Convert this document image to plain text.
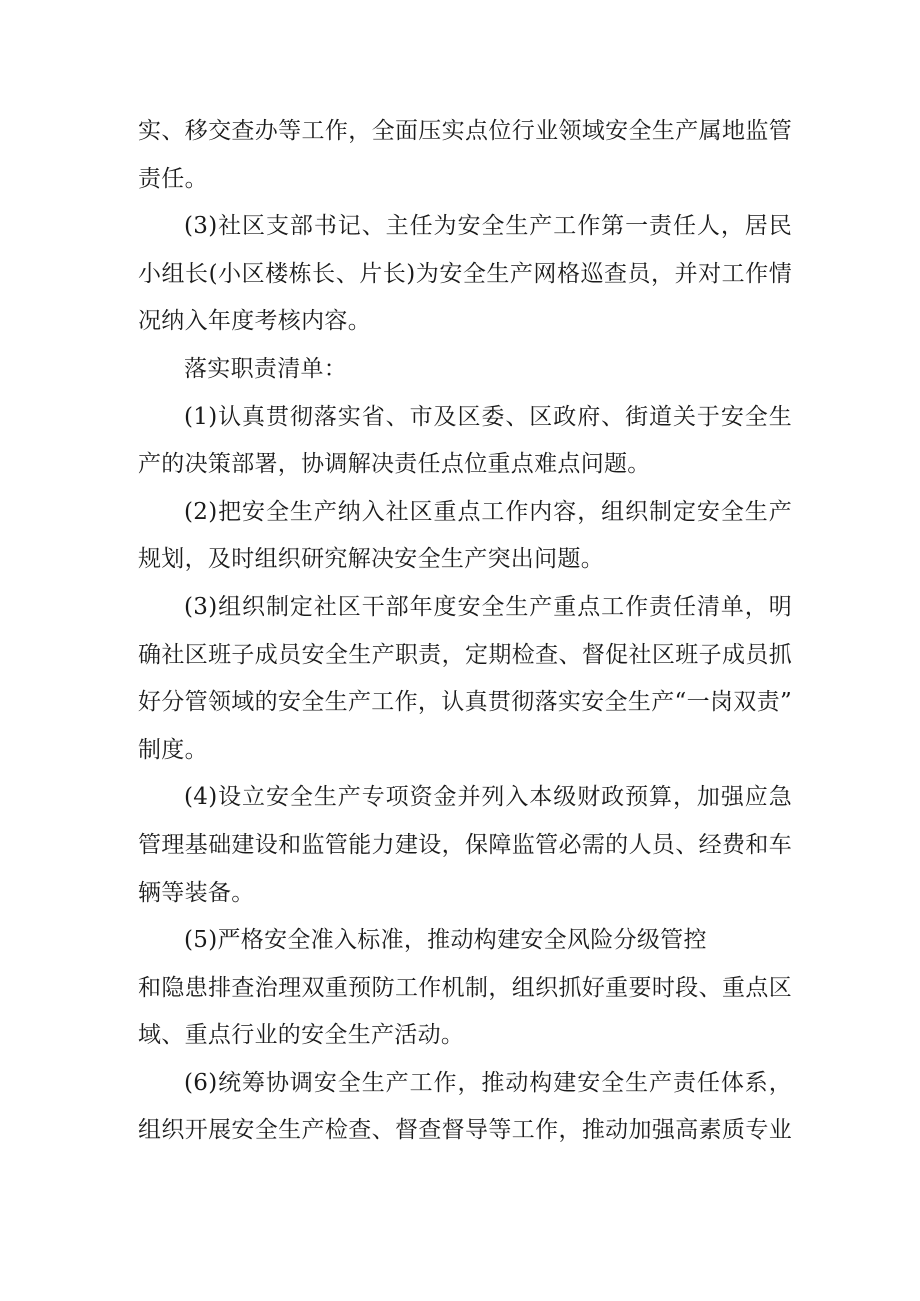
实、移交查办等工作，全面压实点位行业领域安全生产属地监管
责任。
(3)社区支部书记、主任为安全生产工作第一责任人，居民
小组长(小区楼栋长、片长)为安全生产网格巡查员，并对工作情
况纳入年度考核内容。
落实职责清单：
(1)认真贯彻落实省、市及区委、区政府、街道关于安全生
产的决策部署，协调解决责任点位重点难点问题。
(2)把安全生产纳入社区重点工作内容，组织制定安全生产
规划，及时组织研究解决安全生产突出问题。
(3)组织制定社区干部年度安全生产重点工作责任清单，明
确社区班子成员安全生产职责，定期检查、督促社区班子成员抓
好分管领域的安全生产工作，认真贯彻落实安全生产“一岗双责”
制度。
(4)设立安全生产专项资金并列入本级财政预算，加强应急
管理基础建设和监管能力建设，保障监管必需的人员、经费和车
辆等装备。
(5)严格安全准入标准，推动构建安全风险分级管控
和隐患排查治理双重预防工作机制，组织抓好重要时段、重点区
域、重点行业的安全生产活动。
(6)统筹协调安全生产工作，推动构建安全生产责任体系，
组织开展安全生产检查、督查督导等工作，推动加强高素质专业
